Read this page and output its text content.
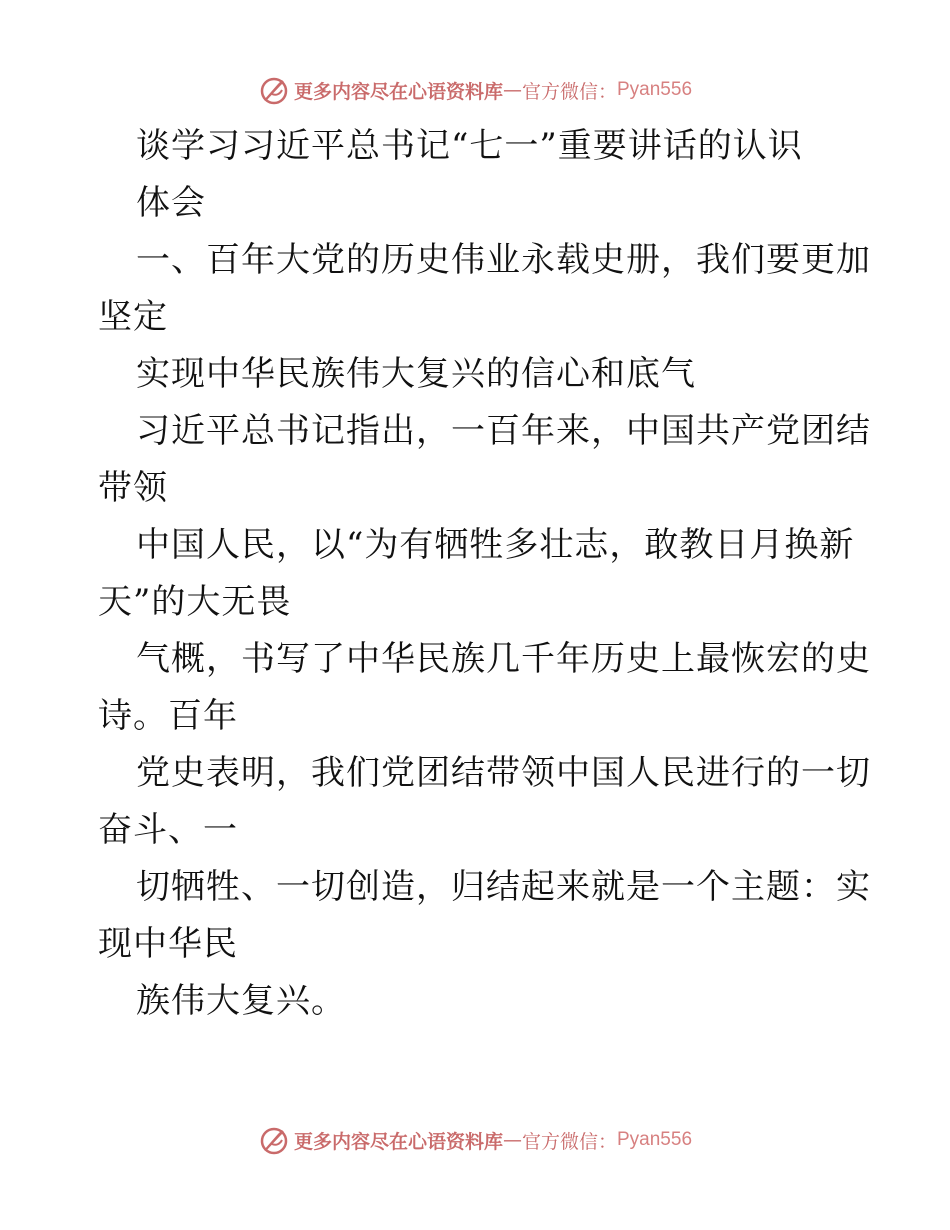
更多内容尽在心语资料库 — 官方微信： Pyan556
谈学习习近平总书记“七一”重要讲话的认识
体会
一、百年大党的历史伟业永载史册，我们要更加
坚定
实现中华民族伟大复兴的信心和底气
习近平总书记指出，一百年来，中国共产党团结
带领
中国人民，以“为有牺牲多壮志，敢教日月换新
天”的大无畏
气概，书写了中华民族几千年历史上最恢宏的史
诗。百年
党史表明，我们党团结带领中国人民进行的一切
奋斗、一
切牺牲、一切创造，归结起来就是一个主题：实
现中华民
族伟大复兴。
更多内容尽在心语资料库 — 官方微信： Pyan556
